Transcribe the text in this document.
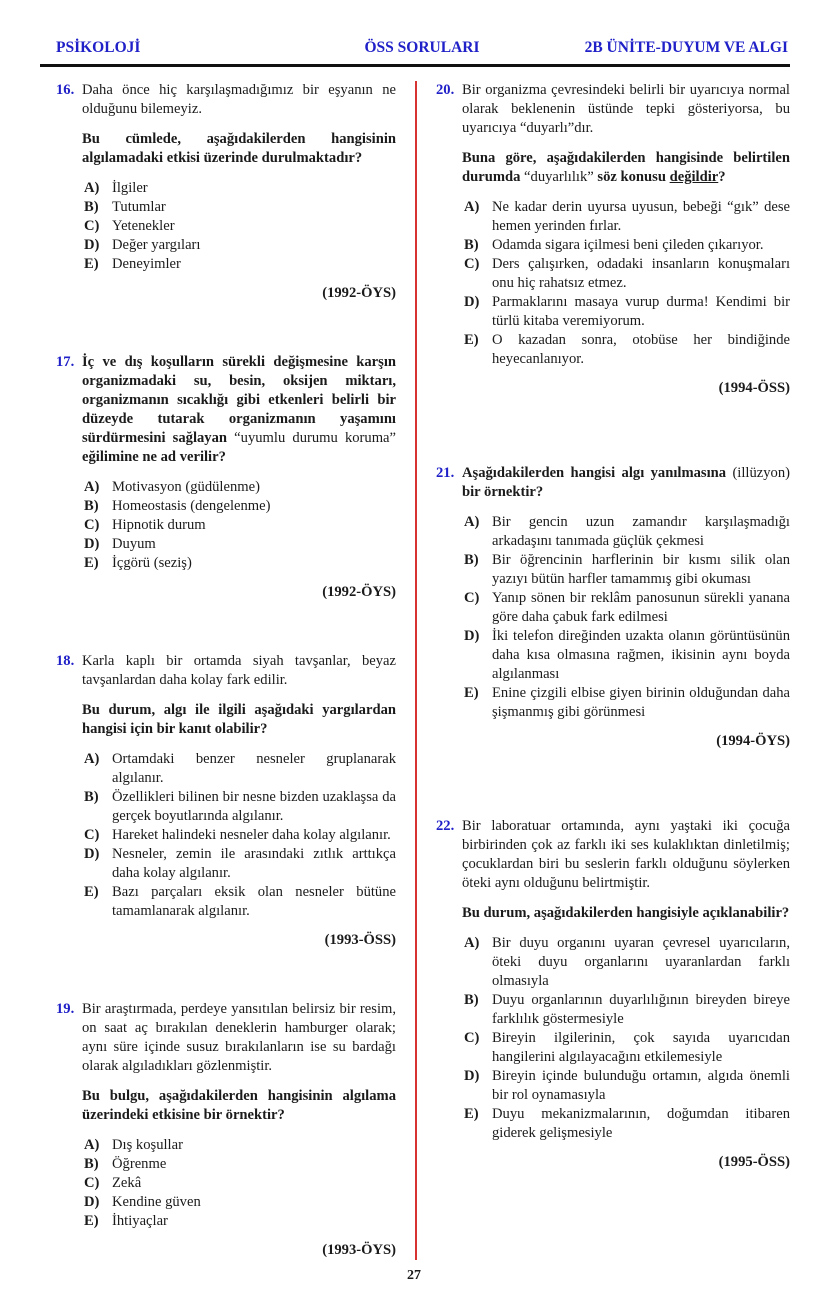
PSİKOLOJİ	ÖSS SORULARI	2B ÜNİTE-DUYUM VE ALGI
16. Daha önce hiç karşılaşmadığımız bir eşyanın ne olduğunu bilemeyiz.

Bu cümlede, aşağıdakilerden hangisinin algılamadaki etkisi üzerinde durulmaktadır?

A) İlgiler
B) Tutumlar
C) Yetenekler
D) Değer yargıları
E) Deneyimler
(1992-ÖYS)
17. İç ve dış koşulların sürekli değişmesine karşın organizmadaki su, besin, oksijen miktarı, organizmanın sıcaklığı gibi etkenleri belirli bir düzeyde tutarak organizmanın yaşamını sürdürmesini sağlayan “uyumlu durumu koruma” eğilimine ne ad verilir?

A) Motivasyon (güdülenme)
B) Homeostasis (dengelenme)
C) Hipnotik durum
D) Duyum
E) İçgörü (seziş)
(1992-ÖYS)
18. Karla kaplı bir ortamda siyah tavşanlar, beyaz tavşanlardan daha kolay fark edilir.

Bu durum, algı ile ilgili aşağıdaki yargılardan hangisi için bir kanıt olabilir?

A) Ortamdaki benzer nesneler gruplanarak algılanır.
B) Özellikleri bilinen bir nesne bizden uzaklaşsa da gerçek boyutlarında algılanır.
C) Hareket halindeki nesneler daha kolay algılanır.
D) Nesneler, zemin ile arasındaki zıtlık arttıkça daha kolay algılanır.
E) Bazı parçaları eksik olan nesneler bütüne tamamlanarak algılanır.
(1993-ÖSS)
19. Bir araştırmada, perdeye yansıtılan belirsiz bir resim, on saat aç bırakılan deneklerin hamburger olarak; aynı süre içinde susuz bırakılanların ise su bardağı olarak algıladıkları gözlenmiştir.

Bu bulgu, aşağıdakilerden hangisinin algılama üzerindeki etkisine bir örnektir?

A) Dış koşullar
B) Öğrenme
C) Zekâ
D) Kendine güven
E) İhtiyaçlar
(1993-ÖYS)
20. Bir organizma çevresindeki belirli bir uyarıcıya normal olarak beklenenin üstünde tepki gösteriyorsa, bu uyarıcıya “duyarlı”dır.

Buna göre, aşağıdakilerden hangisinde belirtilen durumda “duyarlılık” söz konusu değildir?

A) Ne kadar derin uyursa uyusun, bebeği “gık” dese hemen yerinden fırlar.
B) Odamda sigara içilmesi beni çileden çıkarıyor.
C) Ders çalışırken, odadaki insanların konuşmaları onu hiç rahatsız etmez.
D) Parmaklarını masaya vurup durma! Kendimi bir türlü kitaba veremiyorum.
E) O kazadan sonra, otobüse her bindiğinde heyecanlanıyor.
(1994-ÖSS)
21. Aşağıdakilerden hangisi algı yanılmasına (illüzyon) bir örnektir?

A) Bir gencin uzun zamandır karşılaşmadığı arkadaşını tanımada güçlük çekmesi
B) Bir öğrencinin harflerinin bir kısmı silik olan yazıyı bütün harfler tamammış gibi okuması
C) Yanıp sönen bir reklâm panosunun sürekli yanana göre daha çabuk fark edilmesi
D) İki telefon direğinden uzakta olanın görüntüsünün daha kısa olmasına rağmen, ikisinin aynı boyda algılanması
E) Enine çizgili elbise giyen birinin olduğundan daha şişmanmış gibi görünmesi
(1994-ÖYS)
22. Bir laboratuar ortamında, aynı yaştaki iki çocuğa birbirinden çok az farklı iki ses kulaklıktan dinletilmiş; çocuklardan biri bu seslerin farklı olduğunu söylerken öteki aynı olduğunu belirtmiştir.

Bu durum, aşağıdakilerden hangisiyle açıklanabilir?

A) Bir duyu organını uyaran çevresel uyarıcıların, öteki duyu organlarını uyaranlardan farklı olmasıyla
B) Duyu organlarının duyarlılığının bireyden bireye farklılık göstermesiyle
C) Bireyin ilgilerinin, çok sayıda uyarıcıdan hangilerini algılayacağını etkilemesiyle
D) Bireyin içinde bulunduğu ortamın, algıda önemli bir rol oynamasıyla
E) Duyu mekanizmalarının, doğumdan itibaren giderek gelişmesiyle
(1995-ÖSS)
27
